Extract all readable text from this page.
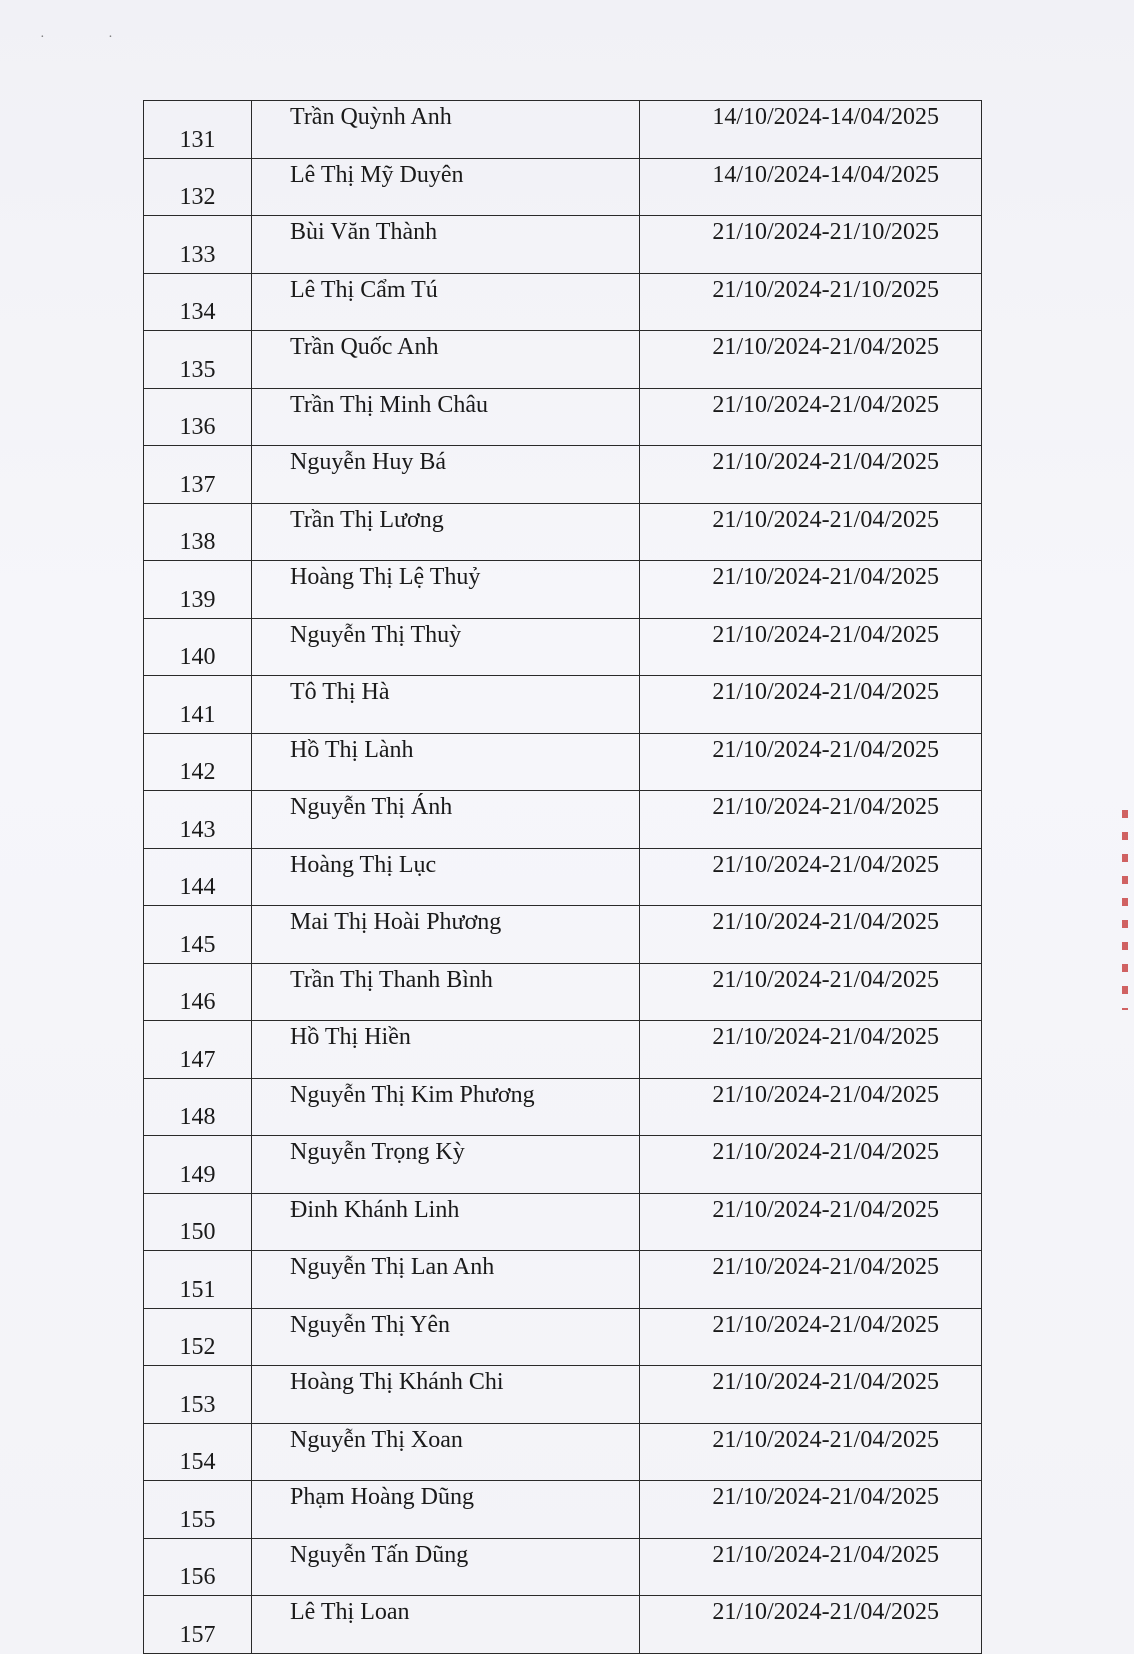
· ·
131	Trần Quỳnh Anh	14/10/2024-14/04/2025
132	Lê Thị Mỹ Duyên	14/10/2024-14/04/2025
133	Bùi Văn Thành	21/10/2024-21/10/2025
134	Lê Thị Cẩm Tú	21/10/2024-21/10/2025
135	Trần Quốc Anh	21/10/2024-21/04/2025
136	Trần Thị Minh Châu	21/10/2024-21/04/2025
137	Nguyễn Huy Bá	21/10/2024-21/04/2025
138	Trần Thị Lương	21/10/2024-21/04/2025
139	Hoàng Thị Lệ Thuỷ	21/10/2024-21/04/2025
140	Nguyễn Thị Thuỳ	21/10/2024-21/04/2025
141	Tô Thị Hà	21/10/2024-21/04/2025
142	Hồ Thị Lành	21/10/2024-21/04/2025
143	Nguyễn Thị Ánh	21/10/2024-21/04/2025
144	Hoàng Thị Lục	21/10/2024-21/04/2025
145	Mai Thị Hoài Phương	21/10/2024-21/04/2025
146	Trần Thị Thanh Bình	21/10/2024-21/04/2025
147	Hồ Thị Hiền	21/10/2024-21/04/2025
148	Nguyễn Thị Kim Phương	21/10/2024-21/04/2025
149	Nguyễn Trọng Kỳ	21/10/2024-21/04/2025
150	Đinh Khánh Linh	21/10/2024-21/04/2025
151	Nguyễn Thị Lan Anh	21/10/2024-21/04/2025
152	Nguyễn Thị Yên	21/10/2024-21/04/2025
153	Hoàng Thị Khánh Chi	21/10/2024-21/04/2025
154	Nguyễn Thị Xoan	21/10/2024-21/04/2025
155	Phạm Hoàng Dũng	21/10/2024-21/04/2025
156	Nguyễn Tấn Dũng	21/10/2024-21/04/2025
157	Lê Thị Loan	21/10/2024-21/04/2025
